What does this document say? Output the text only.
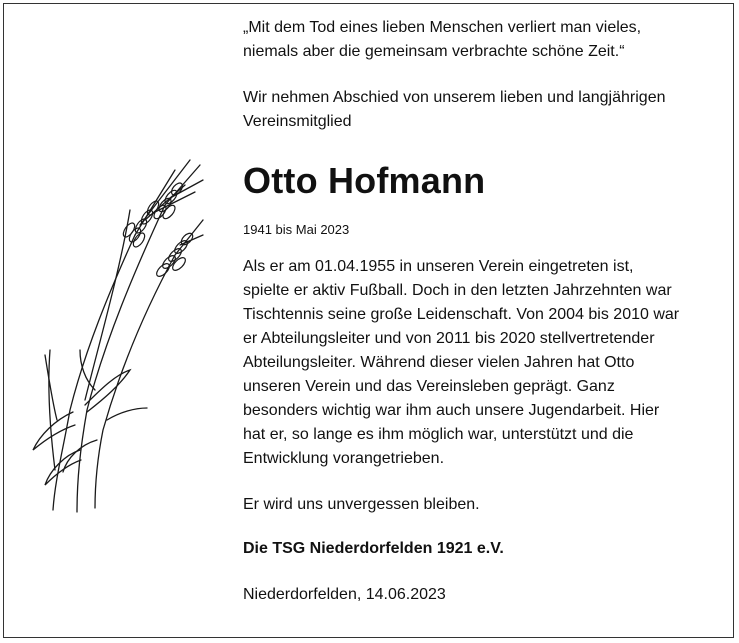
„Mit dem Tod eines lieben Menschen verliert man vieles,
niemals aber die gemeinsam verbrachte schöne Zeit.“
Wir nehmen Abschied von unserem lieben und langjährigen
Vereinsmitglied
Otto Hofmann
1941 bis Mai 2023
Als er am 01.04.1955 in unseren Verein eingetreten ist,
spielte er aktiv Fußball. Doch in den letzten Jahrzehnten war
Tischtennis seine große Leidenschaft. Von 2004 bis 2010 war
er Abteilungsleiter und von 2011 bis 2020 stellvertretender
Abteilungsleiter. Während dieser vielen Jahren hat Otto
unseren Verein und das Vereinsleben geprägt. Ganz
besonders wichtig war ihm auch unsere Jugendarbeit. Hier
hat er, so lange es ihm möglich war, unterstützt und die
Entwicklung vorangetrieben.
Er wird uns unvergessen bleiben.
Die TSG Niederdorfelden 1921 e.V.
Niederdorfelden, 14.06.2023
